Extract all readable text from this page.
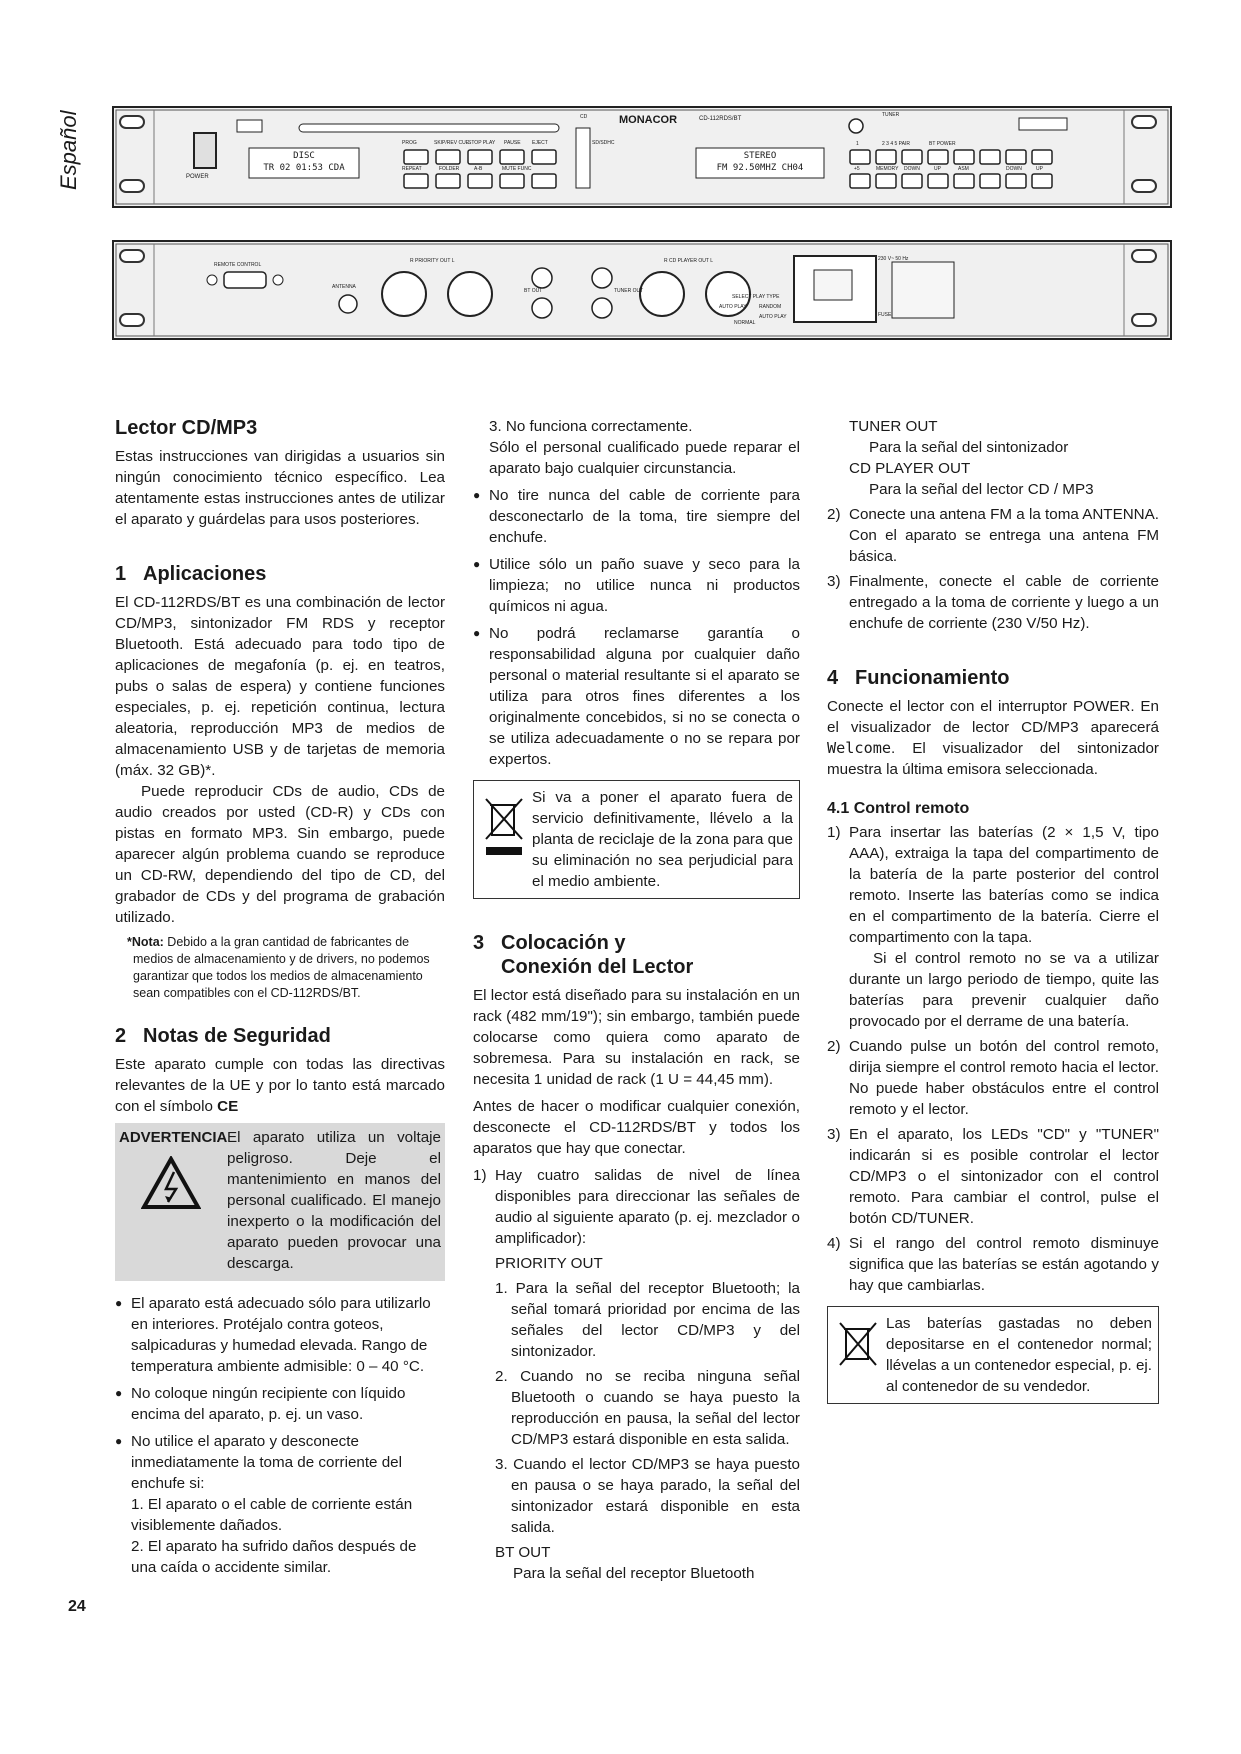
Español	POWER
DISC
TR 02 01:53 CDA
MONACOR	CD-112RDS/BT
STEREO
FM 92.50MHZ CH04
PROG	SKIP/REV CUE
STOP PLAY PAUSE EJECT
REPEAT	FOLDER	A-B	MUTE FUNC
SD/SDHC
CD	TUNER
1	2 3 4 5 PAIR	BT POWER
+5	MEMORY DOWN	UP	ASM	DOWN	UP
REMOTE CONTROL
ANTENNA
R PRIORITY OUT L
BT OUT	TUNER OUT
R CD PLAYER OUT L
SELECT PLAY TYPE
AUTO PLAY RANDOM
NORMAL
AUTO PLAY
230 V~ 50 Hz
FUSE
Lector CD/MP3

Estas instrucciones van dirigidas a usuarios sin ningún conocimiento técnico específico. Lea atentamente estas instrucciones antes de utilizar el aparato y guárdelas para usos posteriores.

1 Aplicaciones

El CD-112RDS/BT es una combinación de lector CD/MP3, sintonizador FM RDS y receptor Bluetooth. Está adecuado para todo tipo de aplicaciones de megafonía (p. ej. en teatros, pubs o salas de espera) y contiene funciones especiales, p. ej. repetición continua, lectura aleatoria, reproducción MP3 de medios de almacenamiento USB y de tarjetas de memoria (máx. 32 GB)*.

Puede reproducir CDs de audio, CDs de audio creados por usted (CD-R) y CDs con pistas en formato MP3. Sin embargo, puede aparecer algún problema cuando se reproduce un CD-RW, dependiendo del tipo de CD, del grabador de CDs y del programa de grabación utilizado.

*Nota: Debido a la gran cantidad de fabricantes de medios de almacenamiento y de drivers, no podemos garantizar que todos los medios de almacenamiento sean compatibles con el CD-112RDS/BT.
2 Notas de Seguridad

Este aparato cumple con todas las directivas relevantes de la UE y por lo tanto está marcado con el símbolo CE

ADVERTENCIA El aparato utiliza un voltaje peligroso. Deje el mantenimiento en manos del personal cualificado. El manejo inexperto o la modificación del aparato pueden provocar una descarga.

● El aparato está adecuado sólo para utilizarlo en interiores. Protéjalo contra goteos, salpicaduras y humedad elevada. Rango de temperatura ambiente admisible: 0 – 40 °C.
● No coloque ningún recipiente con líquido encima del aparato, p. ej. un vaso.
● No utilice el aparato y desconecte inmediatamente la toma de corriente del enchufe si:
1. El aparato o el cable de corriente están visiblemente dañados.
2. El aparato ha sufrido daños después de una caída o accidente similar.
3. No funciona correctamente.
Sólo el personal cualificado puede reparar el aparato bajo cualquier circunstancia.
● No tire nunca del cable de corriente para desconectarlo de la toma, tire siempre del enchufe.
● Utilice sólo un paño suave y seco para la limpieza; no utilice nunca ni productos químicos ni agua.
● No podrá reclamarse garantía o responsabilidad alguna por cualquier daño personal o material resultante si el aparato se utiliza para otros fines diferentes a los originalmente concebidos, si no se conecta o se utiliza adecuadamente o no se repara por expertos.

Si va a poner el aparato fuera de servicio definitivamente, llévelo a la planta de reciclaje de la zona para que su eliminación no sea perjudicial para el medio ambiente.

3 Colocación y
Conexión del Lector

El lector está diseñado para su instalación en un rack (482 mm/19"); sin embargo, también puede colocarse como quiera como aparato de sobremesa. Para su instalación en rack, se necesita 1 unidad de rack (1 U = 44,45 mm).

Antes de hacer o modificar cualquier conexión, desconecte el CD-112RDS/BT y todos los aparatos que hay que conectar.

1) Hay cuatro salidas de nivel de línea disponibles para direccionar las señales de audio al siguiente aparato (p. ej. mezclador o amplificador):
PRIORITY OUT
1. Para la señal del receptor Bluetooth; la señal tomará prioridad por encima de las señales del lector CD/MP3 y del sintonizador.
2. Cuando no se reciba ninguna señal Bluetooth o cuando se haya puesto la reproducción en pausa, la señal del lector CD/MP3 estará disponible en esta salida.
3. Cuando el lector CD/MP3 se haya puesto en pausa o se haya parado, la señal del sintonizador estará disponible en esta salida.
BT OUT
Para la señal del receptor Bluetooth
TUNER OUT
Para la señal del sintonizador
CD PLAYER OUT
Para la señal del lector CD / MP3
2) Conecte una antena FM a la toma ANTENNA. Con el aparato se entrega una antena FM básica.
3) Finalmente, conecte el cable de corriente entregado a la toma de corriente y luego a un enchufe de corriente (230 V/50 Hz).
4 Funcionamiento

Conecte el lector con el interruptor POWER. En el visualizador de lector CD/MP3 aparecerá Welcome. El visualizador del sintonizador muestra la última emisora seleccionada.

4.1 Control remoto
1) Para insertar las baterías (2 × 1,5 V, tipo AAA), extraiga la tapa del compartimento de la batería de la parte posterior del control remoto. Inserte las baterías como se indica en el compartimento de la batería. Cierre el compartimento con la tapa.
Si el control remoto no se va a utilizar durante un largo periodo de tiempo, quite las baterías para prevenir cualquier daño provocado por el derrame de una batería.
2) Cuando pulse un botón del control remoto, dirija siempre el control remoto hacia el lector. No puede haber obstáculos entre el control remoto y el lector.
3) En el aparato, los LEDs "CD" y "TUNER" indicarán si es posible controlar el lector CD/MP3 o el sintonizador con el control remoto. Para cambiar el control, pulse el botón CD/TUNER.
4) Si el rango del control remoto disminuye significa que las baterías se están agotando y hay que cambiarlas.

Las baterías gastadas no deben depositarse en el contenedor normal; llévelas a un contenedor especial, p. ej. al contenedor de su vendedor.

24
